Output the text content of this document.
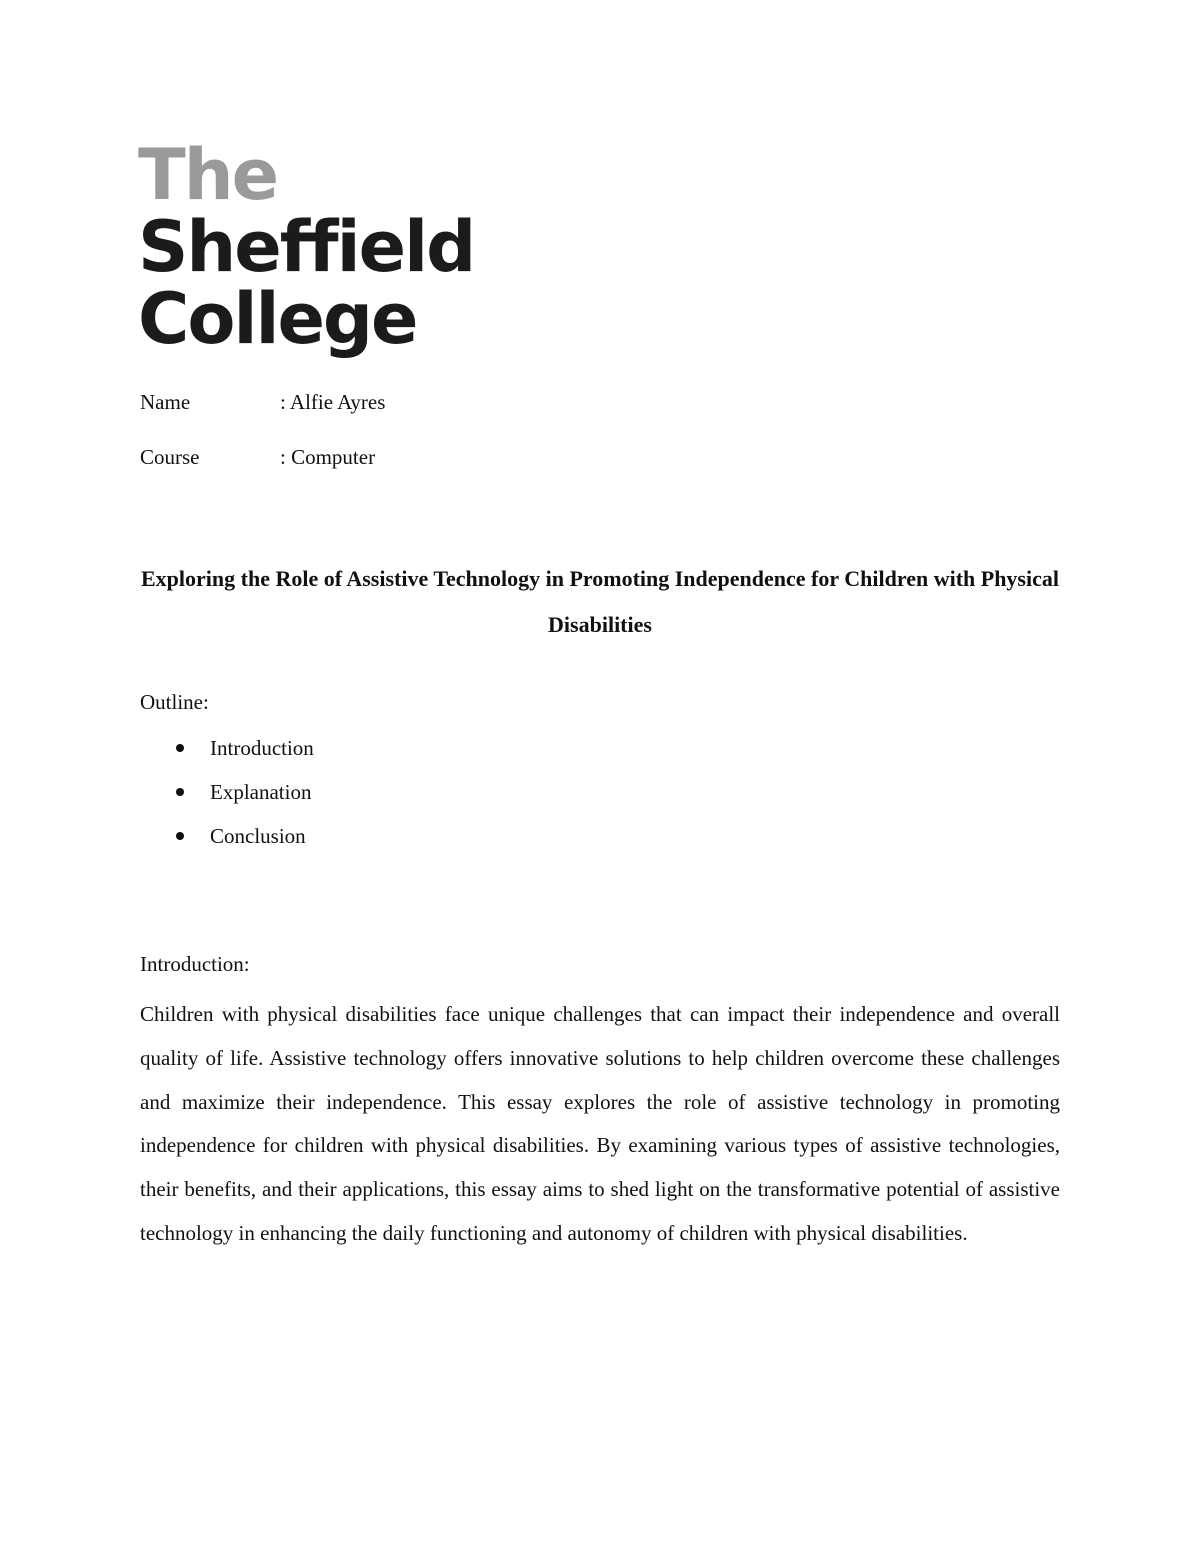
The
Sheffield
College
Name	: Alfie Ayres
Course	: Computer
Exploring the Role of Assistive Technology in Promoting Independence for Children with Physical Disabilities
Outline:
Introduction
Explanation
Conclusion
Introduction:

Children with physical disabilities face unique challenges that can impact their independence and overall quality of life. Assistive technology offers innovative solutions to help children overcome these challenges and maximize their independence. This essay explores the role of assistive technology in promoting independence for children with physical disabilities. By examining various types of assistive technologies, their benefits, and their applications, this essay aims to shed light on the transformative potential of assistive technology in enhancing the daily functioning and autonomy of children with physical disabilities.
